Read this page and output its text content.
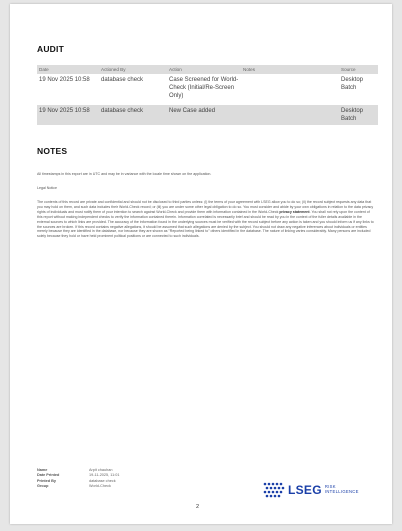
AUDIT
Date	Actioned By	Action	Notes	Source
19 Nov 2025 10:58	database check	Case Screened for World-Check (Initial/Re-Screen Only)		Desktop Batch
19 Nov 2025 10:58	database check	New Case added		Desktop Batch
NOTES
All timestamps in this export are in UTC and may be in variance with the locale time shown on the application.
Legal Notice
The contents of this record are private and confidential and should not be disclosed to third parties unless: (i) the terms of your agreement with LSEG allow you to do so; (ii) the record subject requests any data that you may hold on them, and such data includes their World-Check record; or (iii) you are under some other legal obligation to do so. You must consider and abide by your own obligations in relation to the data privacy rights of individuals and must notify them of your intention to search against World-Check and provide them with information contained in the World-Check privacy statement. You shall not rely upon the content of this report without making independent checks to verify the information contained therein. Information correlated is necessarily brief and should be read by you in the context of the fuller details available in the external sources to which links are provided. The accuracy of the information found in the underlying sources must be verified with the record subject before any action is taken and you should inform us if any links to the sources are broken. If this record contains negative allegations, it should be assumed that such allegations are denied by the subject. You should not draw any negative inferences about individuals or entities merely because they are identified in the database, nor because they are shown as "Reported being linked to" others identified in the database. The nature of linking varies considerably. Many persons are included solely because they hold or have held prominent political positions or are connected to such individuals.
Name	Arpit chauhan
Date Printed	19-11-2025, 11:01
Printed By	database check
Group	World-Check	LSEG RISK
INTELLIGENCE
2
